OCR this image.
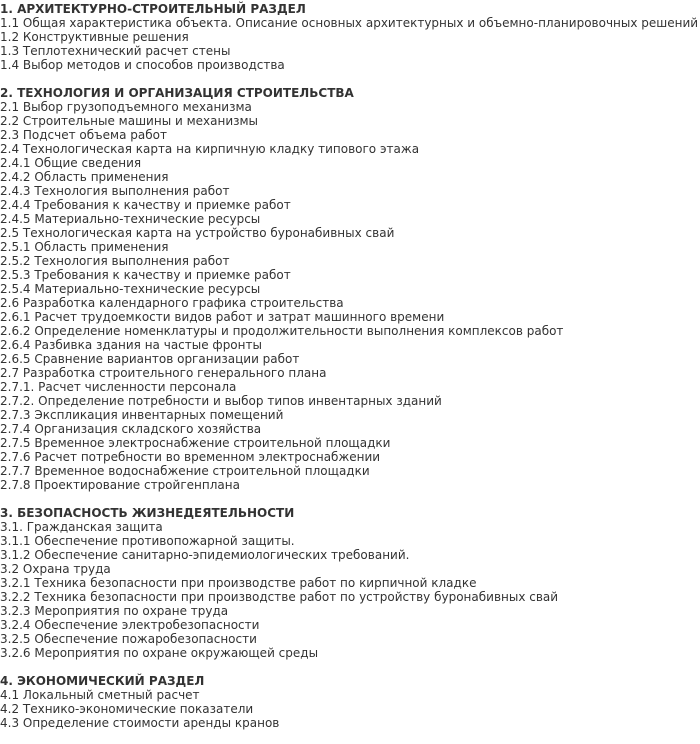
1. АРХИТЕКТУРНО-СТРОИТЕЛЬНЫЙ РАЗДЕЛ
1.1 Общая характеристика объекта. Описание основных архитектурных и объемно-планировочных решений
1.2 Конструктивные решения
1.3 Теплотехнический расчет стены
1.4 Выбор методов и способов производства
2. ТЕХНОЛОГИЯ И ОРГАНИЗАЦИЯ СТРОИТЕЛЬСТВА
2.1 Выбор грузоподъемного механизма
2.2 Строительные машины и механизмы
2.3 Подсчет объема работ
2.4 Технологическая карта на кирпичную кладку типового этажа
2.4.1 Общие сведения
2.4.2 Область применения
2.4.3 Технология выполнения работ
2.4.4 Требования к качеству и приемке работ
2.4.5 Материально-технические ресурсы
2.5 Технологическая карта на устройство буронабивных свай
2.5.1 Область применения
2.5.2 Технология выполнения работ
2.5.3 Требования к качеству и приемке работ
2.5.4 Материально-технические ресурсы
2.6 Разработка календарного графика строительства
2.6.1 Расчет трудоемкости видов работ и затрат машинного времени
2.6.2 Определение номенклатуры и продолжительности выполнения комплексов работ
2.6.4 Разбивка здания на частые фронты
2.6.5 Сравнение вариантов организации работ
2.7 Разработка строительного генерального плана
2.7.1. Расчет численности персонала
2.7.2. Определение потребности и выбор типов инвентарных зданий
2.7.3 Экспликация инвентарных помещений
2.7.4 Организация складского хозяйства
2.7.5 Временное электроснабжение строительной площадки
2.7.6 Расчет потребности во временном электроснабжении
2.7.7 Временное водоснабжение строительной площадки
2.7.8 Проектирование стройгенплана
3. БЕЗОПАСНОСТЬ ЖИЗНЕДЕЯТЕЛЬНОСТИ
3.1. Гражданская защита
3.1.1 Обеспечение противопожарной защиты.
3.1.2 Обеспечение санитарно-эпидемиологических требований.
3.2 Охрана труда
3.2.1 Техника безопасности при производстве работ по кирпичной кладке
3.2.2 Техника безопасности при производстве работ по устройству буронабивных свай
3.2.3 Мероприятия по охране труда
3.2.4 Обеспечение электробезопасности
3.2.5 Обеспечение пожаробезопасности
3.2.6 Мероприятия по охране окружающей среды
4. ЭКОНОМИЧЕСКИЙ РАЗДЕЛ
4.1 Локальный сметный расчет
4.2 Технико-экономические показатели
4.3 Определение стоимости аренды кранов
